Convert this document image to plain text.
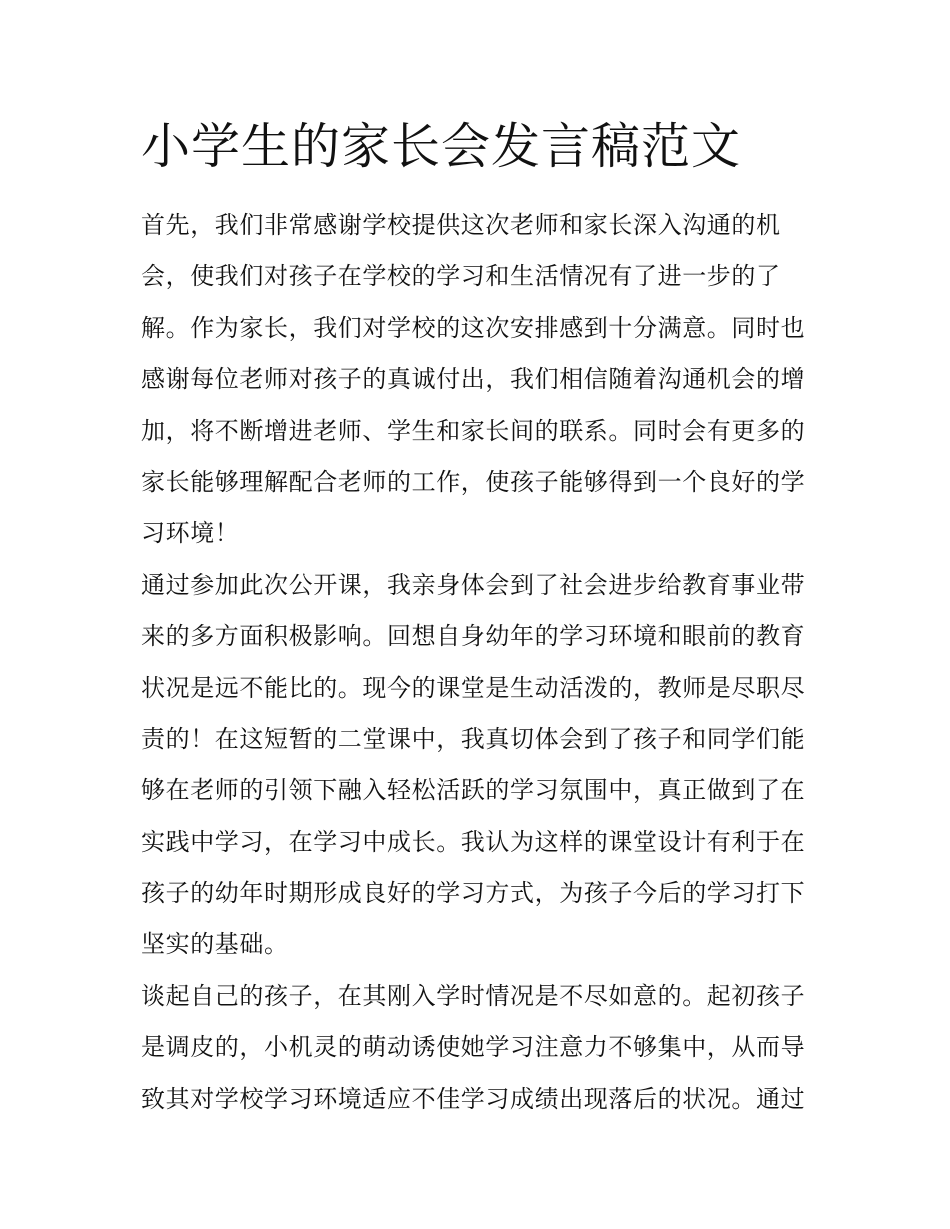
小学生的家长会发言稿范文
首先，我们非常感谢学校提供这次老师和家长深入沟通的机
会，使我们对孩子在学校的学习和生活情况有了进一步的了
解。作为家长，我们对学校的这次安排感到十分满意。同时也
感谢每位老师对孩子的真诚付出，我们相信随着沟通机会的增
加，将不断增进老师、学生和家长间的联系。同时会有更多的
家长能够理解配合老师的工作，使孩子能够得到一个良好的学
习环境！
通过参加此次公开课，我亲身体会到了社会进步给教育事业带
来的多方面积极影响。回想自身幼年的学习环境和眼前的教育
状况是远不能比的。现今的课堂是生动活泼的，教师是尽职尽
责的！在这短暂的二堂课中，我真切体会到了孩子和同学们能
够在老师的引领下融入轻松活跃的学习氛围中，真正做到了在
实践中学习，在学习中成长。我认为这样的课堂设计有利于在
孩子的幼年时期形成良好的学习方式，为孩子今后的学习打下
坚实的基础。
谈起自己的孩子，在其刚入学时情况是不尽如意的。起初孩子
是调皮的，小机灵的萌动诱使她学习注意力不够集中，从而导
致其对学校学习环境适应不佳学习成绩出现落后的状况。通过
